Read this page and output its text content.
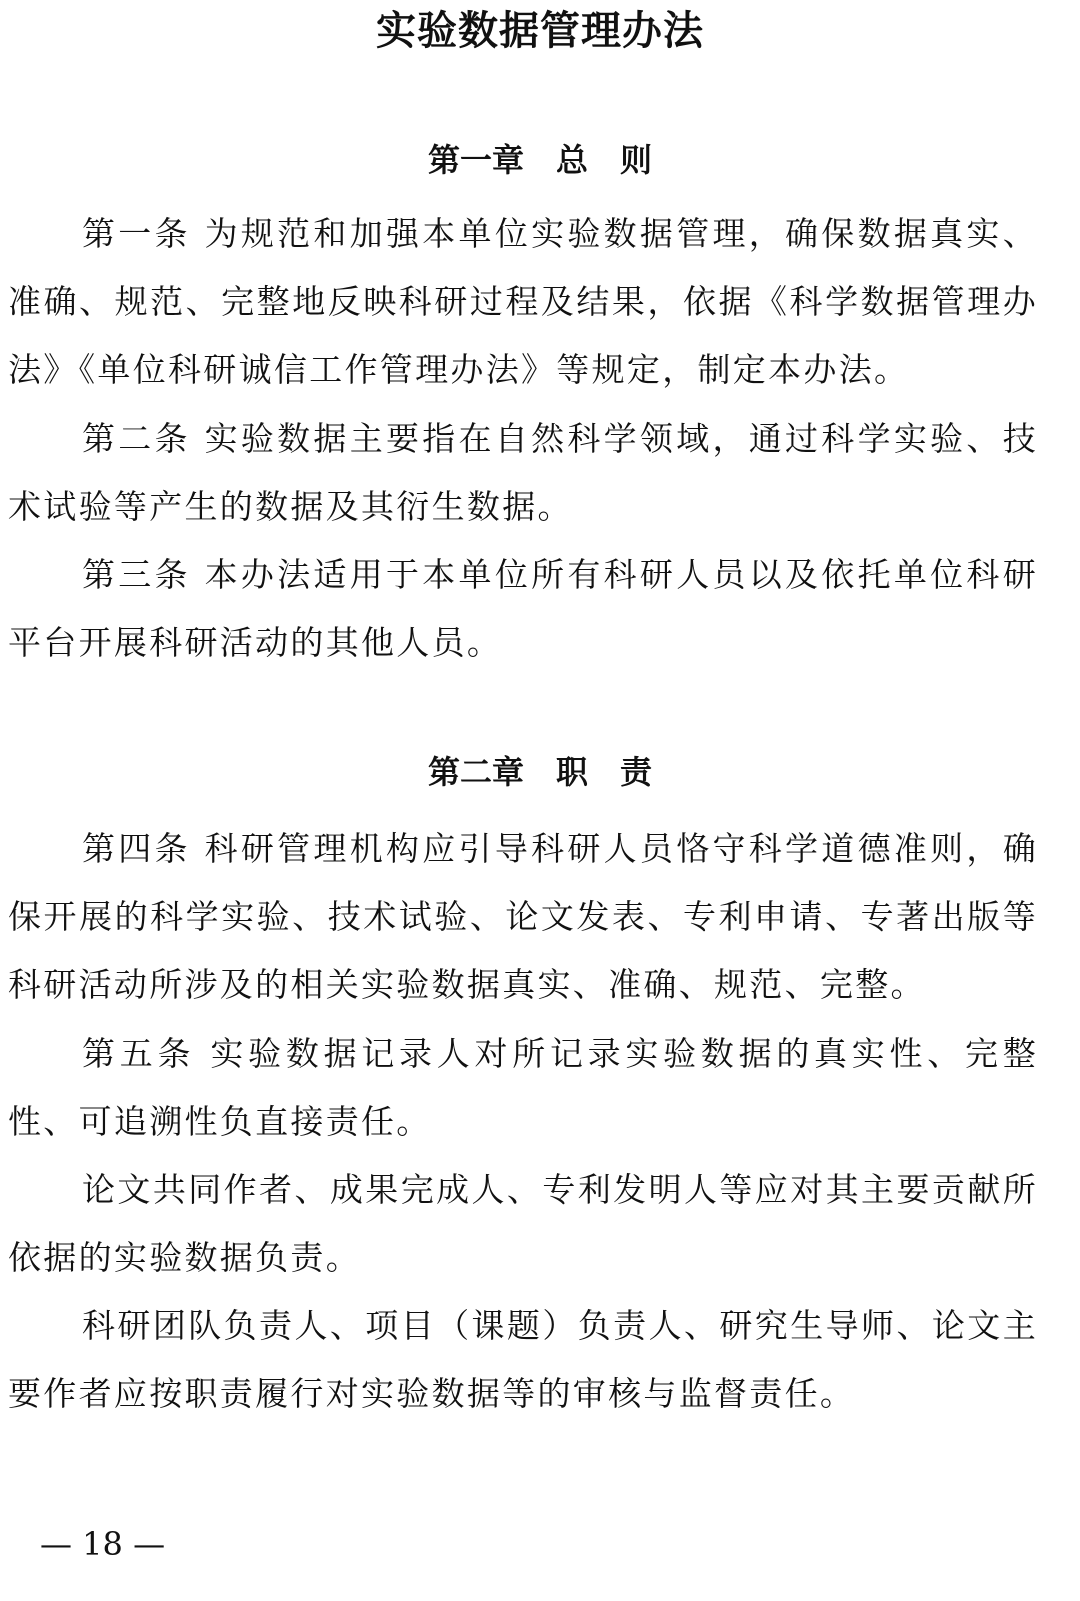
实验数据管理办法
第一章　总　则

第一条 为规范和加强本单位实验数据管理，确保数据真实、准确、规范、完整地反映科研过程及结果，依据《科学数据管理办法》《单位科研诚信工作管理办法》等规定，制定本办法。

第二条 实验数据主要指在自然科学领域，通过科学实验、技术试验等产生的数据及其衍生数据。

第三条 本办法适用于本单位所有科研人员以及依托单位科研平台开展科研活动的其他人员。

第二章　职　责

第四条 科研管理机构应引导科研人员恪守科学道德准则，确保开展的科学实验、技术试验、论文发表、专利申请、专著出版等科研活动所涉及的相关实验数据真实、准确、规范、完整。

第五条 实验数据记录人对所记录实验数据的真实性、完整性、可追溯性负直接责任。

论文共同作者、成果完成人、专利发明人等应对其主要贡献所依据的实验数据负责。

科研团队负责人、项目（课题）负责人、研究生导师、论文主要作者应按职责履行对实验数据等的审核与监督责任。

— 18 —
